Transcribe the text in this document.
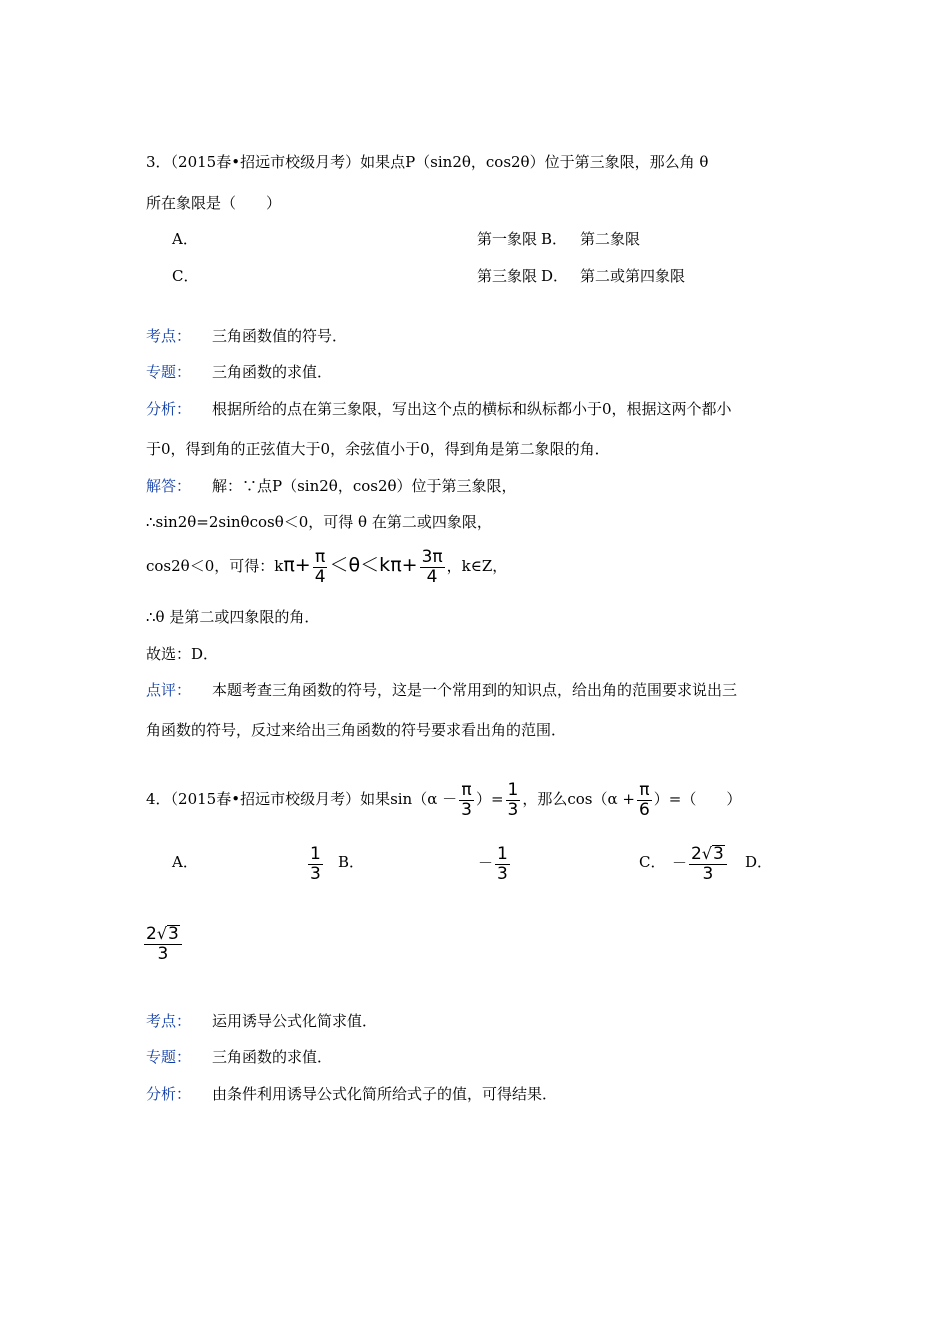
3．（2015春•招远市校级月考）如果点P（sin2θ，cos2θ）位于第三象限，那么角 θ
所在象限是（　　）
A．	第一象限 B． 第二象限
C．	第三象限 D． 第二或第四象限
考点： 三角函数值的符号．
专题： 三角函数的求值．
分析： 根据所给的点在第三象限，写出这个点的横标和纵标都小于0，根据这两个都小
于0，得到角的正弦值大于0，余弦值小于0，得到角是第二象限的角．
解答： 解：∵点P（sin2θ，cos2θ）位于第三象限，
∴sin2θ=2sinθcosθ＜0，可得 θ 在第二或四象限，
cos2θ＜0，可得：$k\pi+ \frac{\pi}{4} <\theta<k\pi+ \frac{3\pi}{4}$ ，k∈Z，
∴θ 是第二或四象限的角．
故选：D．
点评： 本题考查三角函数的符号，这是一个常用到的知识点，给出角的范围要求说出三
角函数的符号，反过来给出三角函数的符号要求看出角的范围．
4．（2015春•招远市校级月考）如果$\sin(\alpha - \frac{\pi}{3}$ ）= $\frac{1}{3}$ ，那么$\cos(\alpha + \frac{\pi}{6}$ ）=（　　）
A．	$\frac{1}{3}$ B．	－ $\frac{1}{3}$	C． － $\frac{2 √ 3}{3}$ D．
$\frac{2 √ 3}{3}$
考点： 运用诱导公式化简求值．
专题： 三角函数的求值．
分析： 由条件利用诱导公式化简所给式子的值，可得结果．
